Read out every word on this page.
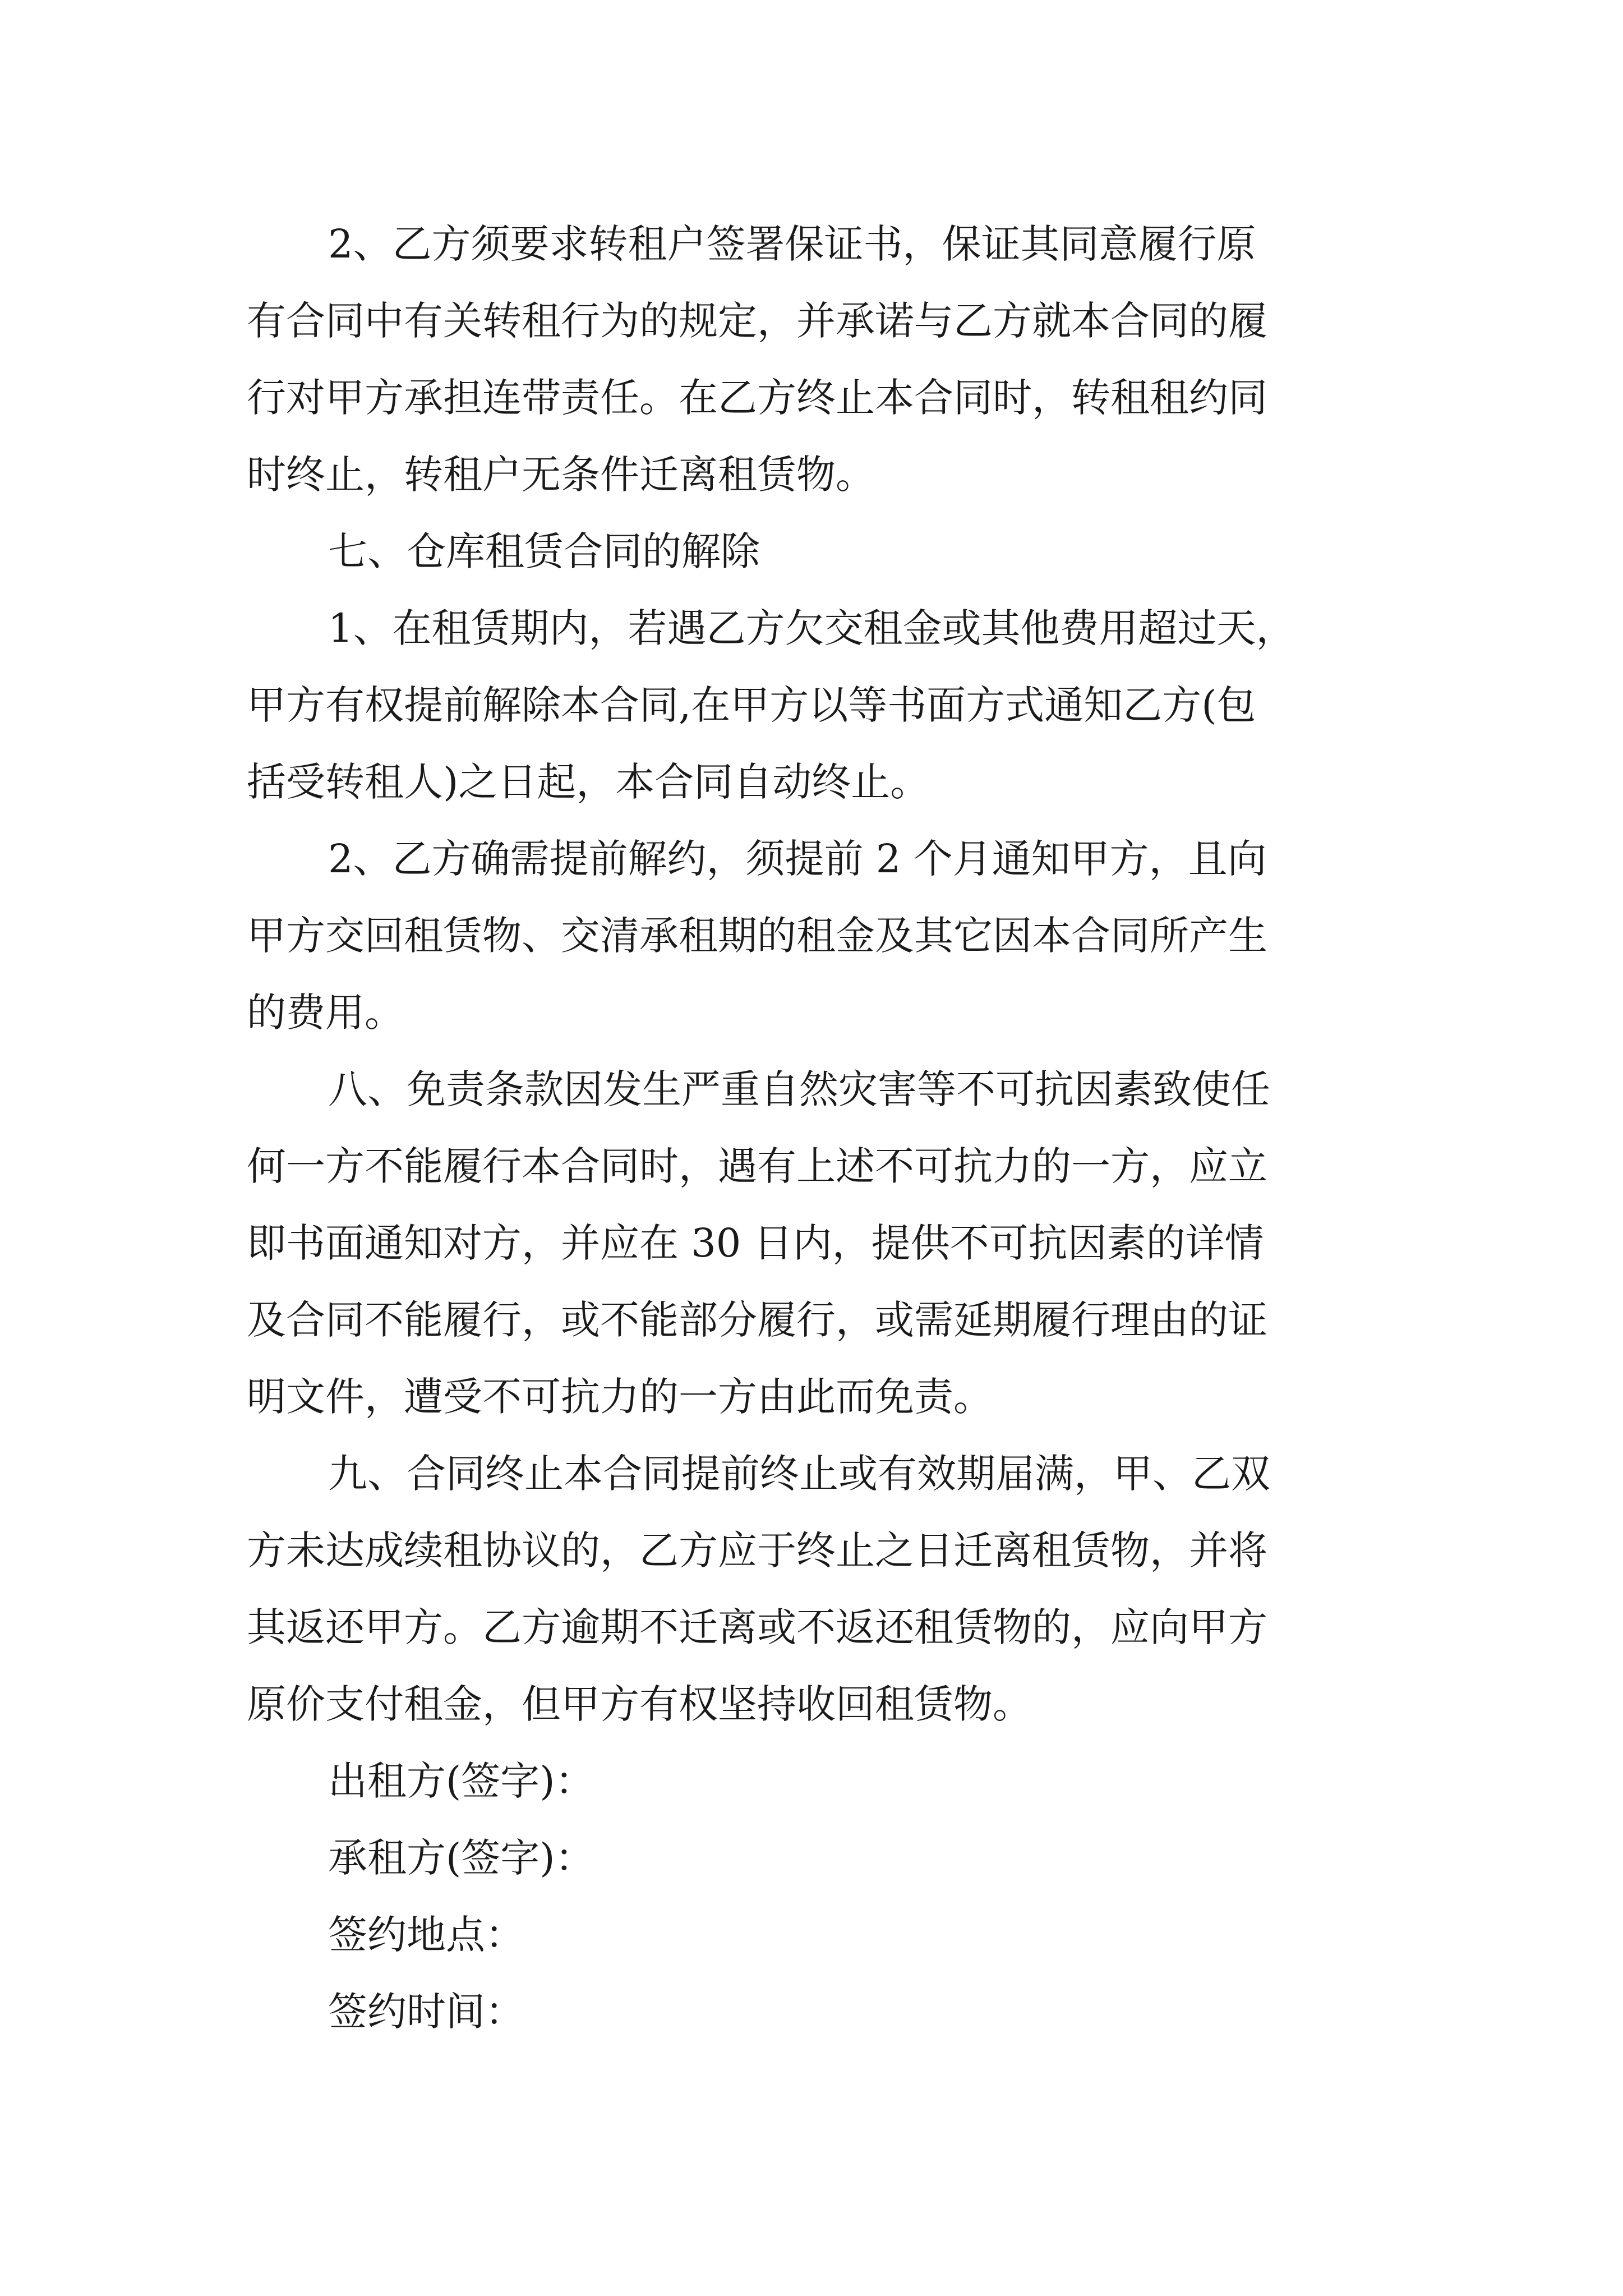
2、乙方须要求转租户签署保证书，保证其同意履行原

有合同中有关转租行为的规定，并承诺与乙方就本合同的履

行对甲方承担连带责任。在乙方终止本合同时，转租租约同

时终止，转租户无条件迁离租赁物。

七、仓库租赁合同的解除

1、在租赁期内，若遇乙方欠交租金或其他费用超过天，

甲方有权提前解除本合同,在甲方以等书面方式通知乙方(包

括受转租人)之日起，本合同自动终止。

2、乙方确需提前解约，须提前 2 个月通知甲方，且向

甲方交回租赁物、交清承租期的租金及其它因本合同所产生

的费用。

八、免责条款因发生严重自然灾害等不可抗因素致使任

何一方不能履行本合同时，遇有上述不可抗力的一方，应立

即书面通知对方，并应在 30 日内，提供不可抗因素的详情

及合同不能履行，或不能部分履行，或需延期履行理由的证

明文件，遭受不可抗力的一方由此而免责。

九、合同终止本合同提前终止或有效期届满，甲、乙双

方未达成续租协议的，乙方应于终止之日迁离租赁物，并将

其返还甲方。乙方逾期不迁离或不返还租赁物的，应向甲方

原价支付租金，但甲方有权坚持收回租赁物。

出租方(签字)：

承租方(签字)：

签约地点：

签约时间：
